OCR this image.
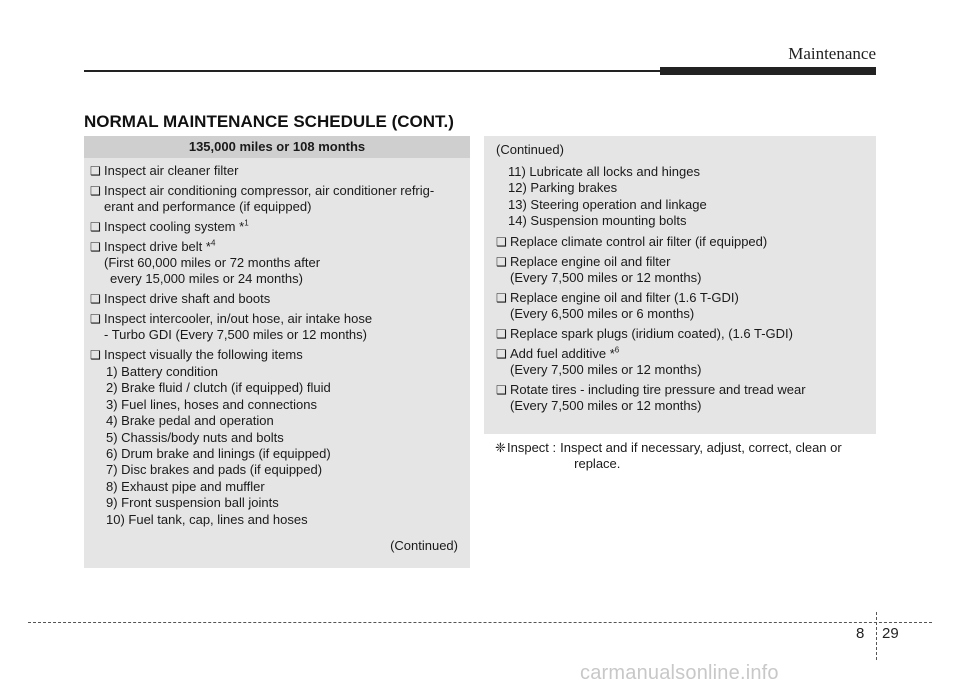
Maintenance
NORMAL MAINTENANCE SCHEDULE (CONT.)
135,000 miles or 108 months
❑ Inspect air cleaner filter
❑ Inspect air conditioning compressor, air conditioner refrig-
erant and performance (if equipped)
❑ Inspect cooling system *$^1$
❑ Inspect drive belt *$^4$
(First 60,000 miles or 72 months after
every 15,000 miles or 24 months)
❑ Inspect drive shaft and boots
❑ Inspect intercooler, in/out hose, air intake hose
- Turbo GDI (Every 7,500 miles or 12 months)
❑ Inspect visually the following items
1) Battery condition
2) Brake fluid / clutch (if equipped) fluid
3) Fuel lines, hoses and connections
4) Brake pedal and operation
5) Chassis/body nuts and bolts
6) Drum brake and linings (if equipped)
7) Disc brakes and pads (if equipped)
8) Exhaust pipe and muffler
9) Front suspension ball joints
10) Fuel tank, cap, lines and hoses
(Continued)
(Continued)
11) Lubricate all locks and hinges
12) Parking brakes
13) Steering operation and linkage
14) Suspension mounting bolts
❑ Replace climate control air filter (if equipped)
❑ Replace engine oil and filter
(Every 7,500 miles or 12 months)
❑ Replace engine oil and filter (1.6 T-GDI)
(Every 6,500 miles or 6 months)
❑ Replace spark plugs (iridium coated), (1.6 T-GDI)
❑ Add fuel additive *$^6$
(Every 7,500 miles or 12 months)
❑ Rotate tires - including tire pressure and tread wear
(Every 7,500 miles or 12 months)
❈ Inspect : Inspect and if necessary, adjust, correct, clean or
replace.
8 29
carmanualsonline.info
